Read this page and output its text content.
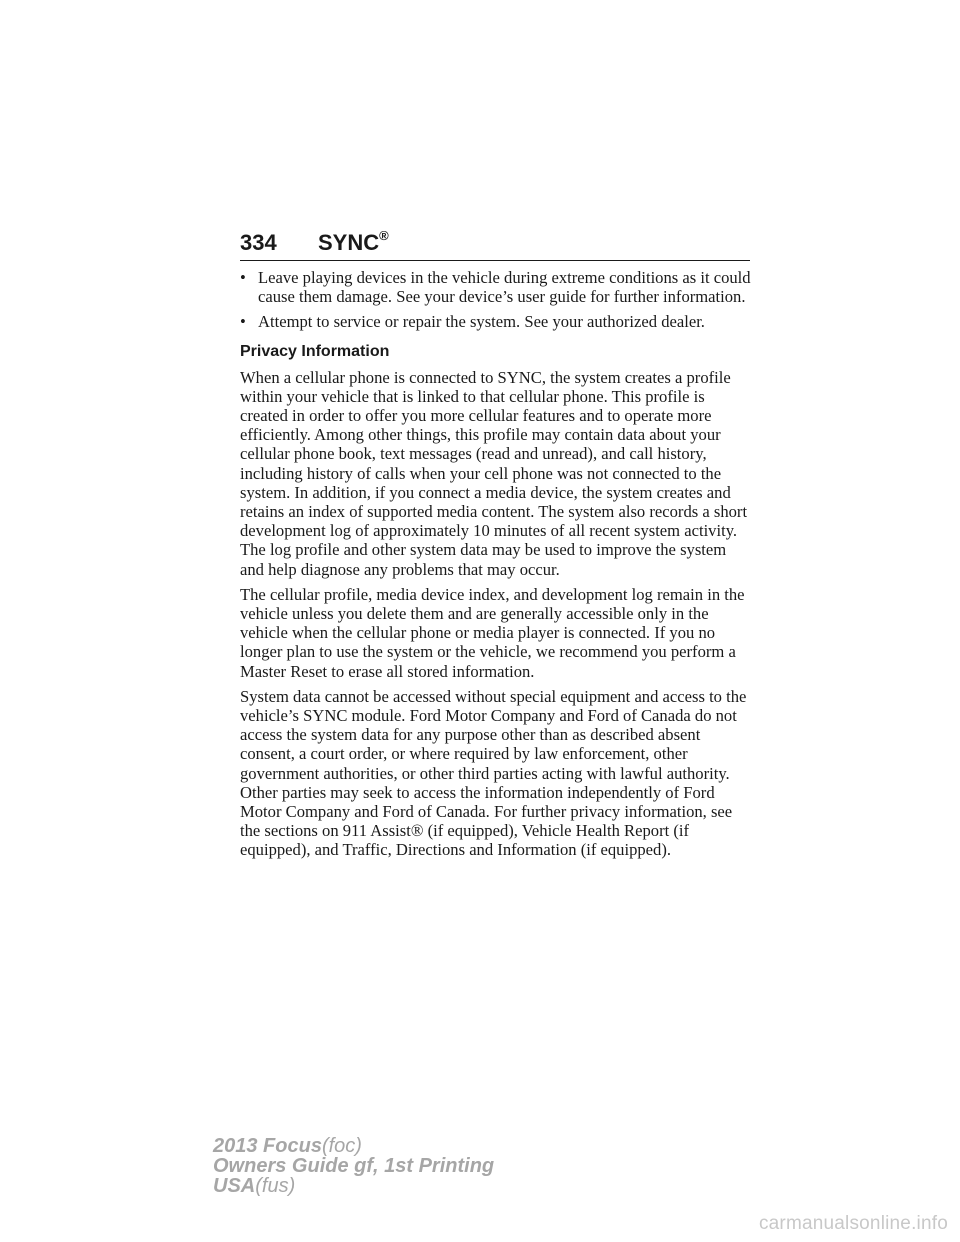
334 SYNC®
• Leave playing devices in the vehicle during extreme conditions as it could cause them damage. See your device’s user guide for further information.
• Attempt to service or repair the system. See your authorized dealer.
Privacy Information

When a cellular phone is connected to SYNC, the system creates a profile within your vehicle that is linked to that cellular phone. This profile is created in order to offer you more cellular features and to operate more efficiently. Among other things, this profile may contain data about your cellular phone book, text messages (read and unread), and call history, including history of calls when your cell phone was not connected to the system. In addition, if you connect a media device, the system creates and retains an index of supported media content. The system also records a short development log of approximately 10 minutes of all recent system activity. The log profile and other system data may be used to improve the system and help diagnose any problems that may occur.

The cellular profile, media device index, and development log remain in the vehicle unless you delete them and are generally accessible only in the vehicle when the cellular phone or media player is connected. If you no longer plan to use the system or the vehicle, we recommend you perform a Master Reset to erase all stored information.

System data cannot be accessed without special equipment and access to the vehicle’s SYNC module. Ford Motor Company and Ford of Canada do not access the system data for any purpose other than as described absent consent, a court order, or where required by law enforcement, other government authorities, or other third parties acting with lawful authority. Other parties may seek to access the information independently of Ford Motor Company and Ford of Canada. For further privacy information, see the sections on 911 Assist® (if equipped), Vehicle Health Report (if equipped), and Traffic, Directions and Information (if equipped).

2013 Focus(foc)
Owners Guide gf, 1st Printing
USA(fus)
carmanualsonline.info
